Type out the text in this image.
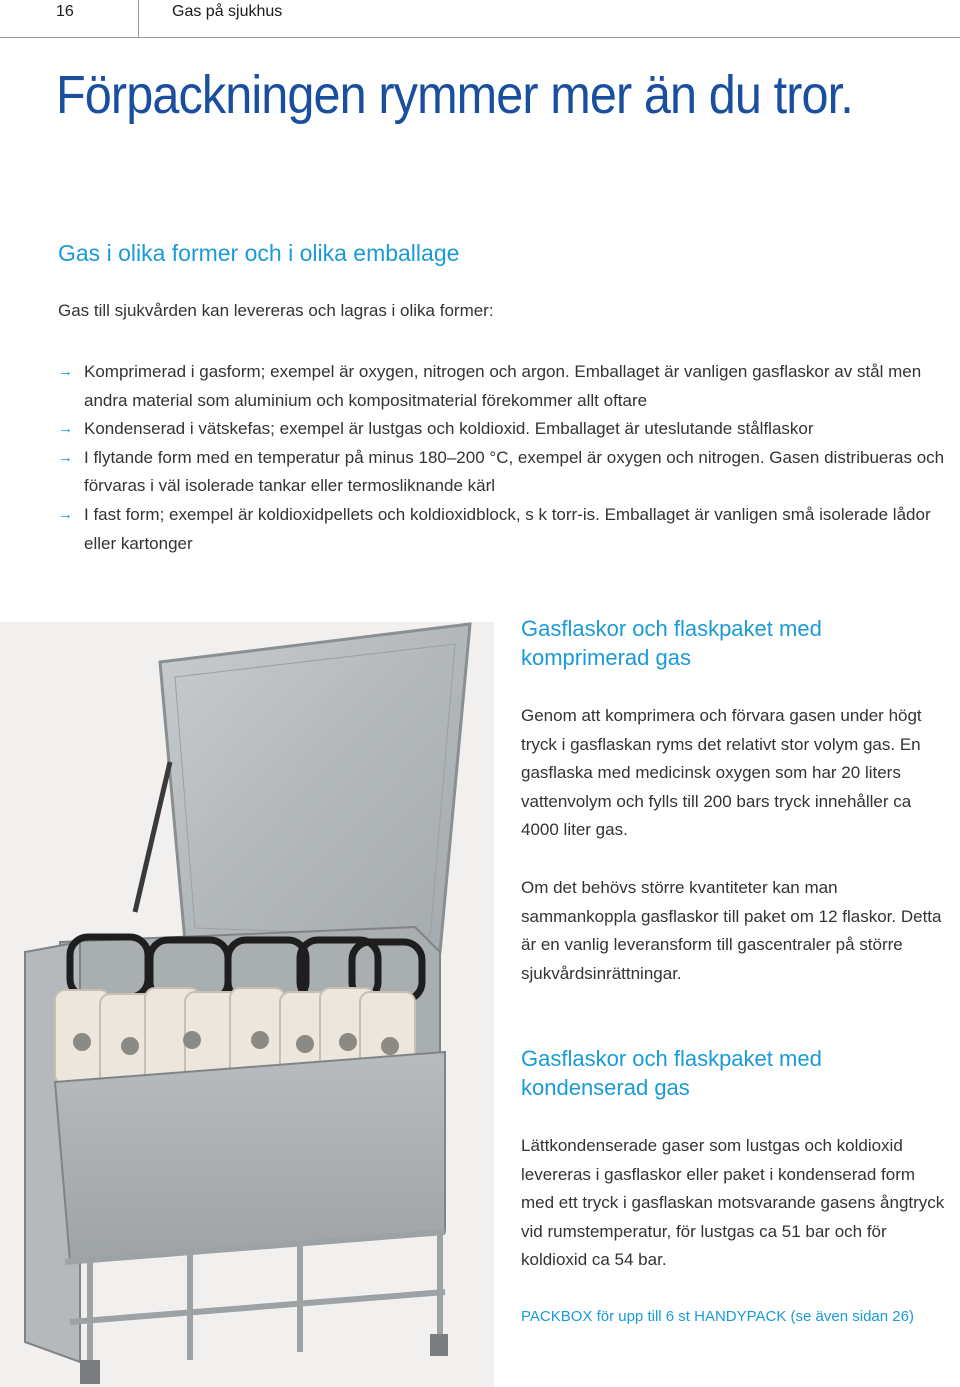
16	Gas på sjukhus
Förpackningen rymmer mer än du tror.
Gas i olika former och i olika emballage

Gas till sjukvården kan levereras och lagras i olika former:

→ Komprimerad i gasform; exempel är oxygen, nitrogen och argon. Emballaget är vanligen gasflaskor av stål men andra material som aluminium och kompositmaterial förekommer allt oftare
→ Kondenserad i vätskefas; exempel är lustgas och koldioxid. Emballaget är uteslutande stålflaskor
→ I flytande form med en temperatur på minus 180–200 °C, exempel är oxygen och nitrogen. Gasen distribueras och förvaras i väl isolerade tankar eller termosliknande kärl
→ I fast form; exempel är koldioxidpellets och koldioxidblock, s k torr-is. Emballaget är vanligen små isolerade lådor eller kartonger
Gasflaskor och flaskpaket med
komprimerad gas

Genom att komprimera och förvara gasen under högt tryck i gasflaskan ryms det relativt stor volym gas. En gasflaska med medicinsk oxygen som har 20 liters vattenvolym och fylls till 200 bars tryck innehåller ca 4000 liter gas.

Om det behövs större kvantiteter kan man sammankoppla gasflaskor till paket om 12 flaskor. Detta är en vanlig leveransform till gascentraler på större sjukvårdsinrättningar.

Gasflaskor och flaskpaket med
kondenserad gas

Lättkondenserade gaser som lustgas och koldioxid levereras i gasflaskor eller paket i kondenserad form med ett tryck i gasflaskan motsvarande gasens ångtryck vid rumstemperatur, för lustgas ca 51 bar och för koldioxid ca 54 bar.

PACKBOX för upp till 6 st HANDYPACK (se även sidan 26)
